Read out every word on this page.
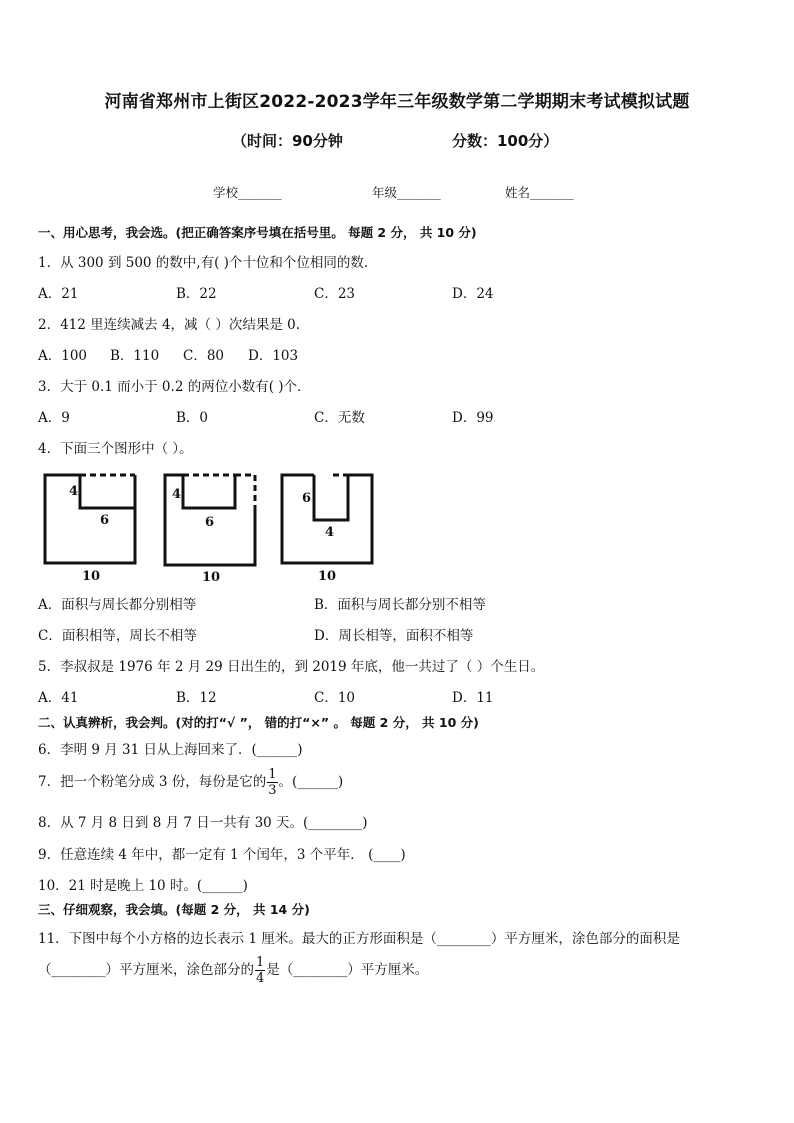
河南省郑州市上街区2022-2023学年三年级数学第二学期期末考试模拟试题
（时间：90分钟	分数：100分）
学校_______	年级_______	姓名_______
一、用心思考，我会选。(把正确答案序号填在括号里。 每题 2 分， 共 10 分)
1．从 300 到 500 的数中,有( )个十位和个位相同的数．
A．21	B．22	C．23	D．24
2．412 里连续减去 4，减（ ）次结果是 0.
A．100 B．110 C．80 D．103
3．大于 0.1 而小于 0.2 的两位小数有( )个．
A．9	B．0	C．无数	D．99
4．下面三个图形中（ ）。
4
6
10
4
6
10
6
4
10
A．面积与周长都分别相等	B．面积与周长都分别不相等
C．面积相等，周长不相等	D．周长相等，面积不相等
5．李叔叔是 1976 年 2 月 29 日出生的，到 2019 年底，他一共过了（ ）个生日。
A．41	B．12	C．10	D．11
二、认真辨析，我会判。(对的打“√ ”， 错的打“×” 。 每题 2 分， 共 10 分)
6．李明 9 月 31 日从上海回来了．(______)
7．把一个粉笔分成 3 份，每份是它的 $\frac{1}{3}$ 。(______)
8．从 7 月 8 日到 8 月 7 日一共有 30 天。(________)
9．任意连续 4 年中，都一定有 1 个闰年，3 个平年． (____)
10．21 时是晚上 10 时。(______)
三、仔细观察，我会填。(每题 2 分， 共 14 分)
11．下图中每个小方格的边长表示 1 厘米。最大的正方形面积是（________）平方厘米，涂色部分的面积是
（________）平方厘米，涂色部分的 $\frac{1}{4}$ 是（________）平方厘米。
